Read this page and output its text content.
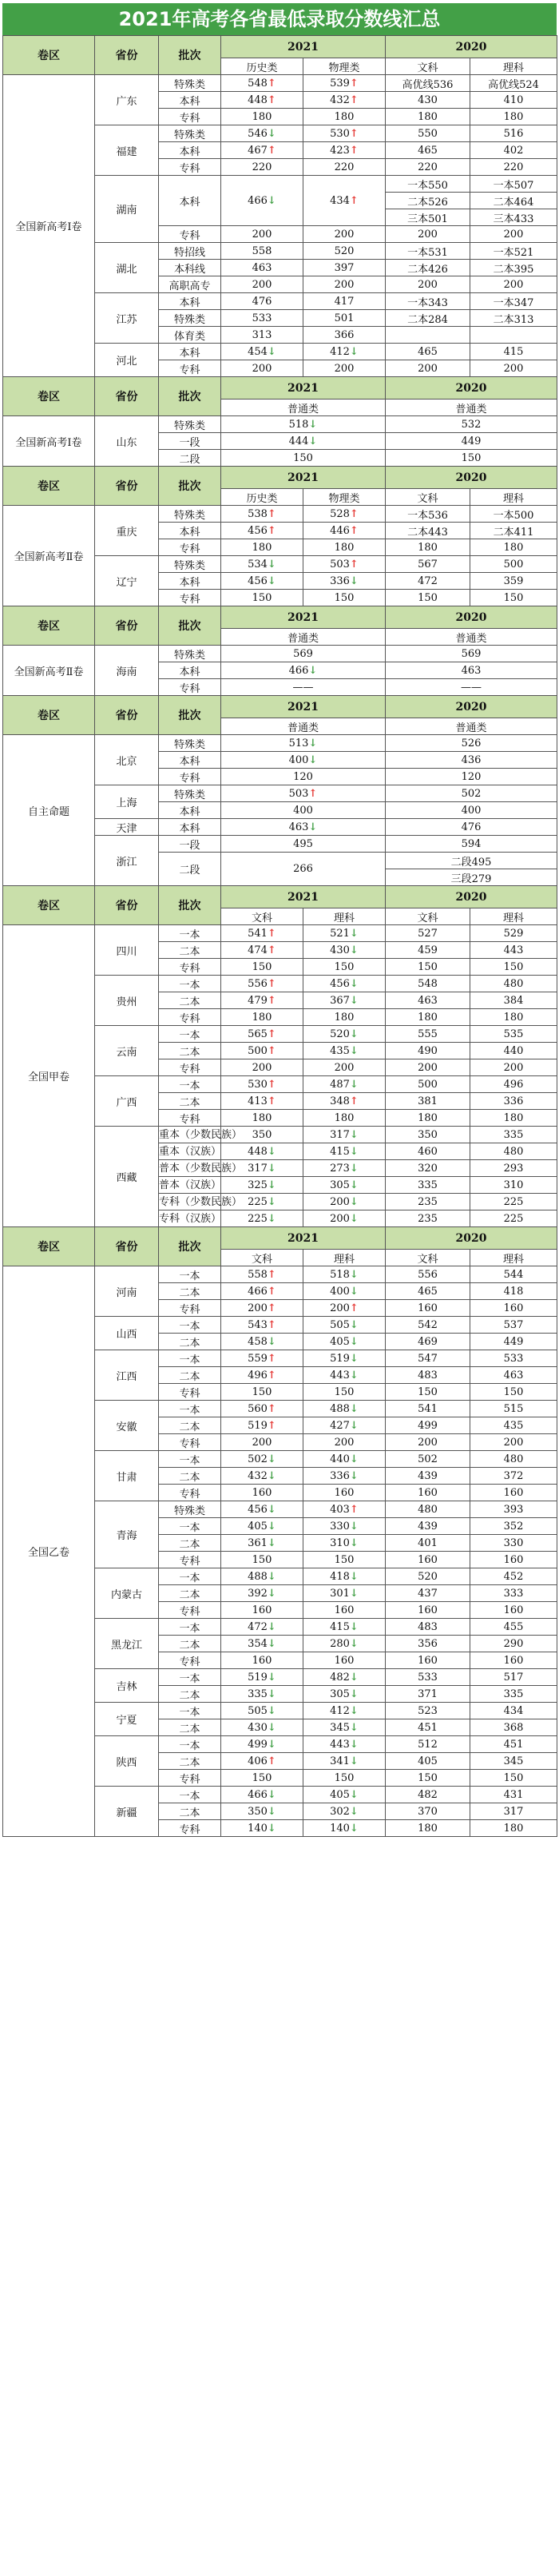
2021年高考各省最低录取分数线汇总
卷区	省份	批次	2021		2020	
			历史类	物理类	文科	理科
全国新高考Ⅰ卷	广东	特殊类	548↑	539↑	高优线536	高优线524
		本科	448↑	432↑	430	410
		专科	180	180	180	180
	福建	特殊类	546↓	530↑	550	516
		本科	467↑	423↑	465	402
		专科	220	220	220	220
	湖南	本科	466↓	434↑	一本550	一本507
					二本526	二本464
					三本501	三本433
		专科	200	200	200	200
	湖北	特招线	558	520	一本531	一本521
		本科线	463	397	二本426	二本395
		高职高专	200	200	200	200
	江苏	本科	476	417	一本343	一本347
		特殊类	533	501	二本284	二本313
		体育类	313	366		
	河北	本科	454↓	412↓	465	415
		专科	200	200	200	200
卷区	省份	批次	2021		2020	
			普通类		普通类	
全国新高考Ⅰ卷	山东	特殊类	518↓		532	
		一段	444↓		449	
		二段	150		150	
卷区	省份	批次	2021		2020	
			历史类	物理类	文科	理科
全国新高考Ⅱ卷	重庆	特殊类	538↑	528↑	一本536	一本500
		本科	456↑	446↑	二本443	二本411
		专科	180	180	180	180
	辽宁	特殊类	534↓	503↑	567	500
		本科	456↓	336↓	472	359
		专科	150	150	150	150
卷区	省份	批次	2021		2020	
			普通类		普通类	
全国新高考Ⅱ卷	海南	特殊类	569		569	
		本科	466↓		463	
		专科	——		——	
卷区	省份	批次	2021		2020	
			普通类		普通类	
自主命题	北京	特殊类	513↓		526	
		本科	400↓		436	
		专科	120		120	
	上海	特殊类	503↑		502	
		本科	400		400	
	天津	本科	463↓		476	
	浙江	一段	495		594	
		二段	266		二段495	
					三段279	
卷区	省份	批次	2021		2020	
			文科	理科	文科	理科
全国甲卷	四川	一本	541↑	521↓	527	529
		二本	474↑	430↓	459	443
		专科	150	150	150	150
	贵州	一本	556↑	456↓	548	480
		二本	479↑	367↓	463	384
		专科	180	180	180	180
	云南	一本	565↑	520↓	555	535
		二本	500↑	435↓	490	440
		专科	200	200	200	200
	广西	一本	530↑	487↓	500	496
		二本	413↑	348↑	381	336
		专科	180	180	180	180
	西藏	重本（少数民族）	350	317↓	350	335
		重本（汉族）	448↓	415↓	460	480
		普本（少数民族）	317↓	273↓	320	293
		普本（汉族）	325↓	305↓	335	310
		专科（少数民族）	225↓	200↓	235	225
		专科（汉族）	225↓	200↓	235	225
卷区	省份	批次	2021		2020	
			文科	理科	文科	理科
全国乙卷	河南	一本	558↑	518↓	556	544
		二本	466↑	400↓	465	418
		专科	200↑	200↑	160	160
	山西	一本	543↑	505↓	542	537
		二本	458↓	405↓	469	449
	江西	一本	559↑	519↓	547	533
		二本	496↑	443↓	483	463
		专科	150	150	150	150
	安徽	一本	560↑	488↓	541	515
		二本	519↑	427↓	499	435
		专科	200	200	200	200
	甘肃	一本	502↓	440↓	502	480
		二本	432↓	336↓	439	372
		专科	160	160	160	160
	青海	特殊类	456↓	403↑	480	393
		一本	405↓	330↓	439	352
		二本	361↓	310↓	401	330
		专科	150	150	160	160
	内蒙古	一本	488↓	418↓	520	452
		二本	392↓	301↓	437	333
		专科	160	160	160	160
	黑龙江	一本	472↓	415↓	483	455
		二本	354↓	280↓	356	290
		专科	160	160	160	160
	吉林	一本	519↓	482↓	533	517
		二本	335↓	305↓	371	335
	宁夏	一本	505↓	412↓	523	434
		二本	430↓	345↓	451	368
	陕西	一本	499↓	443↓	512	451
		二本	406↑	341↓	405	345
		专科	150	150	150	150
	新疆	一本	466↓	405↓	482	431
		二本	350↓	302↓	370	317
		专科	140↓	140↓	180	180
